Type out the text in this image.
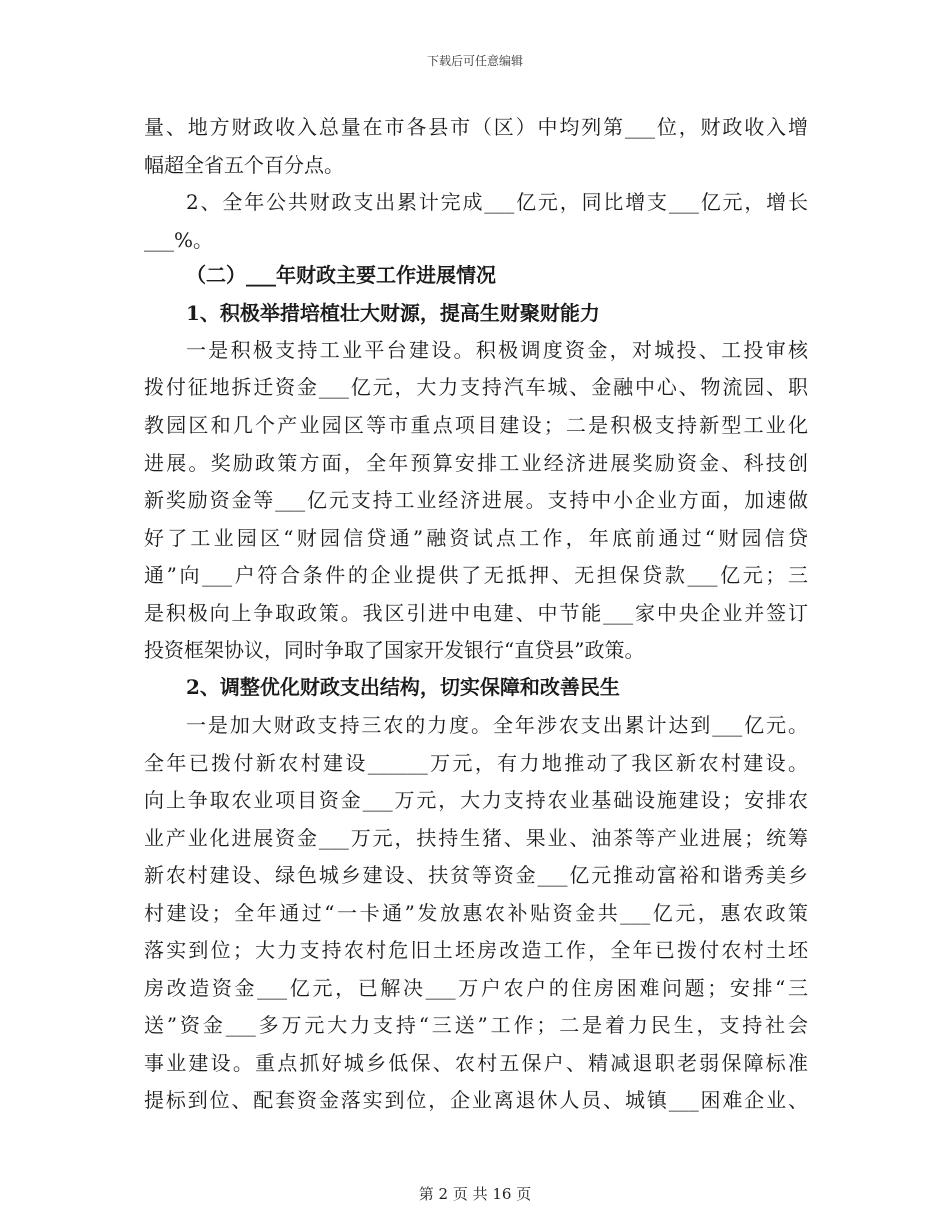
下载后可任意编辑
量、地方财政收入总量在市各县市（区）中均列第___位，财政收入增
幅超全省五个百分点。
2、全年公共财政支出累计完成___亿元，同比增支___亿元，增长
___%。
（二）___年财政主要工作进展情况
1、积极举措培植壮大财源，提高生财聚财能力
一是积极支持工业平台建设。积极调度资金，对城投、工投审核
拨付征地拆迁资金___亿元，大力支持汽车城、金融中心、物流园、职
教园区和几个产业园区等市重点项目建设；二是积极支持新型工业化
进展。奖励政策方面，全年预算安排工业经济进展奖励资金、科技创
新奖励资金等___亿元支持工业经济进展。支持中小企业方面，加速做
好了工业园区“财园信贷通”融资试点工作，年底前通过“财园信贷
通”向___户符合条件的企业提供了无抵押、无担保贷款___亿元；三
是积极向上争取政策。我区引进中电建、中节能___家中央企业并签订
投资框架协议，同时争取了国家开发银行“直贷县”政策。
2、调整优化财政支出结构，切实保障和改善民生
一是加大财政支持三农的力度。全年涉农支出累计达到___亿元。
全年已拨付新农村建设______万元，有力地推动了我区新农村建设。
向上争取农业项目资金___万元，大力支持农业基础设施建设；安排农
业产业化进展资金___万元，扶持生猪、果业、油茶等产业进展；统筹
新农村建设、绿色城乡建设、扶贫等资金___亿元推动富裕和谐秀美乡
村建设；全年通过“一卡通”发放惠农补贴资金共___亿元，惠农政策
落实到位；大力支持农村危旧土坯房改造工作，全年已拨付农村土坯
房改造资金___亿元，已解决___万户农户的住房困难问题；安排“三
送”资金___多万元大力支持“三送”工作；二是着力民生，支持社会
事业建设。重点抓好城乡低保、农村五保户、精减退职老弱保障标准
提标到位、配套资金落实到位，企业离退休人员、城镇___困难企业、
第 2 页 共 16 页
